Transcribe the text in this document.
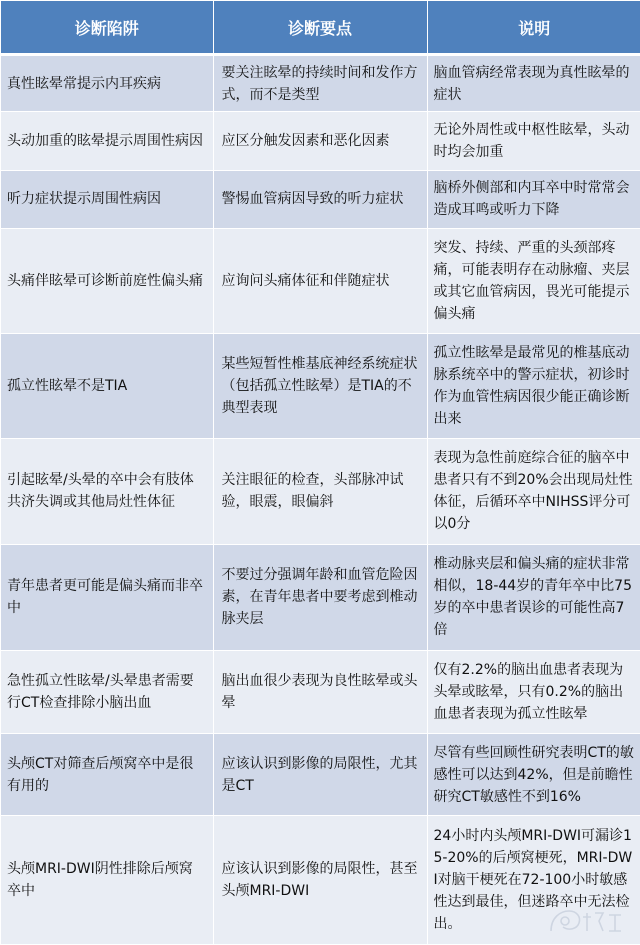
诊断陷阱	诊断要点	说明
真性眩晕常提示内耳疾病	要关注眩晕的持续时间和发作方式，而不是类型	脑血管病经常表现为真性眩晕的症状
头动加重的眩晕提示周围性病因	应区分触发因素和恶化因素	无论外周性或中枢性眩晕，头动时均会加重
听力症状提示周围性病因	警惕血管病因导致的听力症状	脑桥外侧部和内耳卒中时常常会造成耳鸣或听力下降
头痛伴眩晕可诊断前庭性偏头痛	应询问头痛体征和伴随症状	突发、持续、严重的头颈部疼痛，可能表明存在动脉瘤、夹层或其它血管病因，畏光可能提示偏头痛
孤立性眩晕不是TIA	某些短暂性椎基底神经系统症状（包括孤立性眩晕）是TIA的不典型表现	孤立性眩晕是最常见的椎基底动脉系统卒中的警示症状，初诊时作为血管性病因很少能正确诊断出来
引起眩晕/头晕的卒中会有肢体共济失调或其他局灶性体征	关注眼征的检查，头部脉冲试验，眼震，眼偏斜	表现为急性前庭综合征的脑卒中患者只有不到20%会出现局灶性体征，后循环卒中NIHSS评分可以0分
青年患者更可能是偏头痛而非卒中	不要过分强调年龄和血管危险因素，在青年患者中要考虑到椎动脉夹层	椎动脉夹层和偏头痛的症状非常相似，18-44岁的青年卒中比75岁的卒中患者误诊的可能性高7倍
急性孤立性眩晕/头晕患者需要行CT检查排除小脑出血	脑出血很少表现为良性眩晕或头晕	仅有2.2%的脑出血患者表现为头晕或眩晕，只有0.2%的脑出血患者表现为孤立性眩晕
头颅CT对筛查后颅窝卒中是很有用的	应该认识到影像的局限性，尤其是CT	尽管有些回顾性研究表明CT的敏感性可以达到42%，但是前瞻性研究CT敏感性不到16%
头颅MRI-DWI阴性排除后颅窝卒中	应该认识到影像的局限性，甚至头颅MRI-DWI	24小时内头颅MRI-DWI可漏诊15-20%的后颅窝梗死，MRI-DWI对脑干梗死在72-100小时敏感性达到最佳，但迷路卒中无法检出。
